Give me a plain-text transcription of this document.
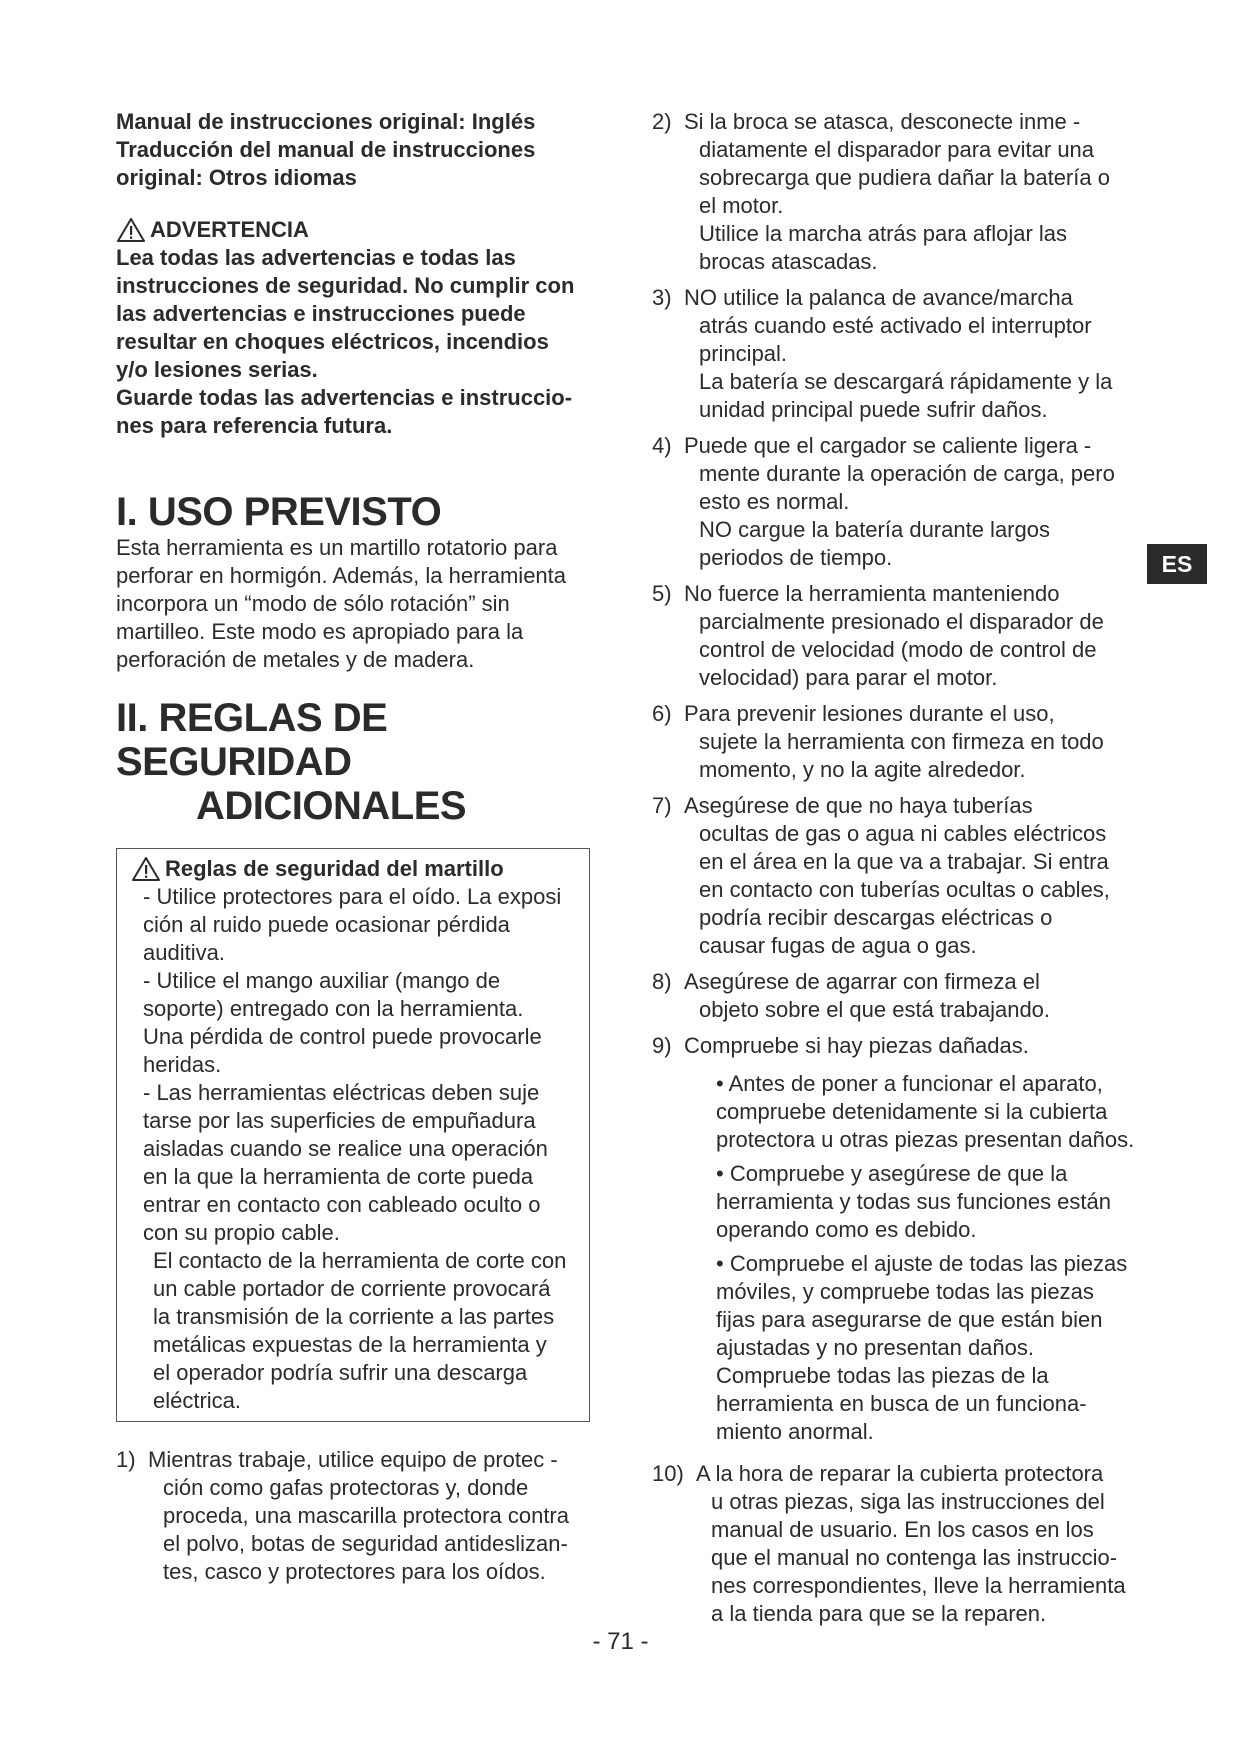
Manual de instrucciones original: Inglés
Traducción del manual de instrucciones
original: Otros idiomas
ADVERTENCIA
Lea todas las advertencias e todas las
instrucciones de seguridad. No cumplir con
las advertencias e instrucciones puede
resultar en choques eléctricos, incendios
y/o lesiones serias.
Guarde todas las advertencias e instruccio-
nes para referencia futura.
I. USO PREVISTO
Esta herramienta es un martillo rotatorio para
perforar en hormigón. Además, la herramienta
incorpora un “modo de sólo rotación” sin
martilleo. Este modo es apropiado para la
perforación de metales y de madera.
II. REGLAS DE SEGURIDAD
ADICIONALES
Reglas de seguridad del martillo
- Utilice protectores para el oído. La exposi
ción al ruido puede ocasionar pérdida
auditiva.
- Utilice el mango auxiliar (mango de
soporte) entregado con la herramienta.
Una pérdida de control puede provocarle
heridas.
- Las herramientas eléctricas deben suje
tarse por las superficies de empuñadura
aisladas cuando se realice una operación
en la que la herramienta de corte pueda
entrar en contacto con cableado oculto o
con su propio cable.
El contacto de la herramienta de corte con
un cable portador de corriente provocará
la transmisión de la corriente a las partes
metálicas expuestas de la herramienta y
el operador podría sufrir una descarga
eléctrica.
1) Mientras trabaje, utilice equipo de protec -

ción como gafas protectoras y, donde

proceda, una mascarilla protectora contra

el polvo, botas de seguridad antideslizan-

tes, casco y protectores para los oídos.

2) Si la broca se atasca, desconecte inme -

diatamente el disparador para evitar una

sobrecarga que pudiera dañar la batería o

el motor.

Utilice la marcha atrás para aflojar las

brocas atascadas.

3) NO utilice la palanca de avance/marcha

atrás cuando esté activado el interruptor

principal.

La batería se descargará rápidamente y la

unidad principal puede sufrir daños.

4) Puede que el cargador se caliente ligera -

mente durante la operación de carga, pero

esto es normal.

NO cargue la batería durante largos

periodos de tiempo.

5) No fuerce la herramienta manteniendo

parcialmente presionado el disparador de

control de velocidad (modo de control de

velocidad) para parar el motor.

6) Para prevenir lesiones durante el uso,

sujete la herramienta con firmeza en todo

momento, y no la agite alrededor.

7) Asegúrese de que no haya tuberías

ocultas de gas o agua ni cables eléctricos

en el área en la que va a trabajar. Si entra

en contacto con tuberías ocultas o cables,

podría recibir descargas eléctricas o

causar fugas de agua o gas.

8) Asegúrese de agarrar con firmeza el

objeto sobre el que está trabajando.

9) Compruebe si hay piezas dañadas.

• Antes de poner a funcionar el aparato,
compruebe detenidamente si la cubierta
protectora u otras piezas presentan daños.
• Compruebe y asegúrese de que la
herramienta y todas sus funciones están
operando como es debido.
• Compruebe el ajuste de todas las piezas
móviles, y compruebe todas las piezas
fijas para asegurarse de que están bien
ajustadas y no presentan daños.
Compruebe todas las piezas de la
herramienta en busca de un funciona-
miento anormal.
10) A la hora de reparar la cubierta protectora

u otras piezas, siga las instrucciones del

manual de usuario. En los casos en los

que el manual no contenga las instruccio-

nes correspondientes, lleve la herramienta

a la tienda para que se la reparen.

ES
- 71 -
